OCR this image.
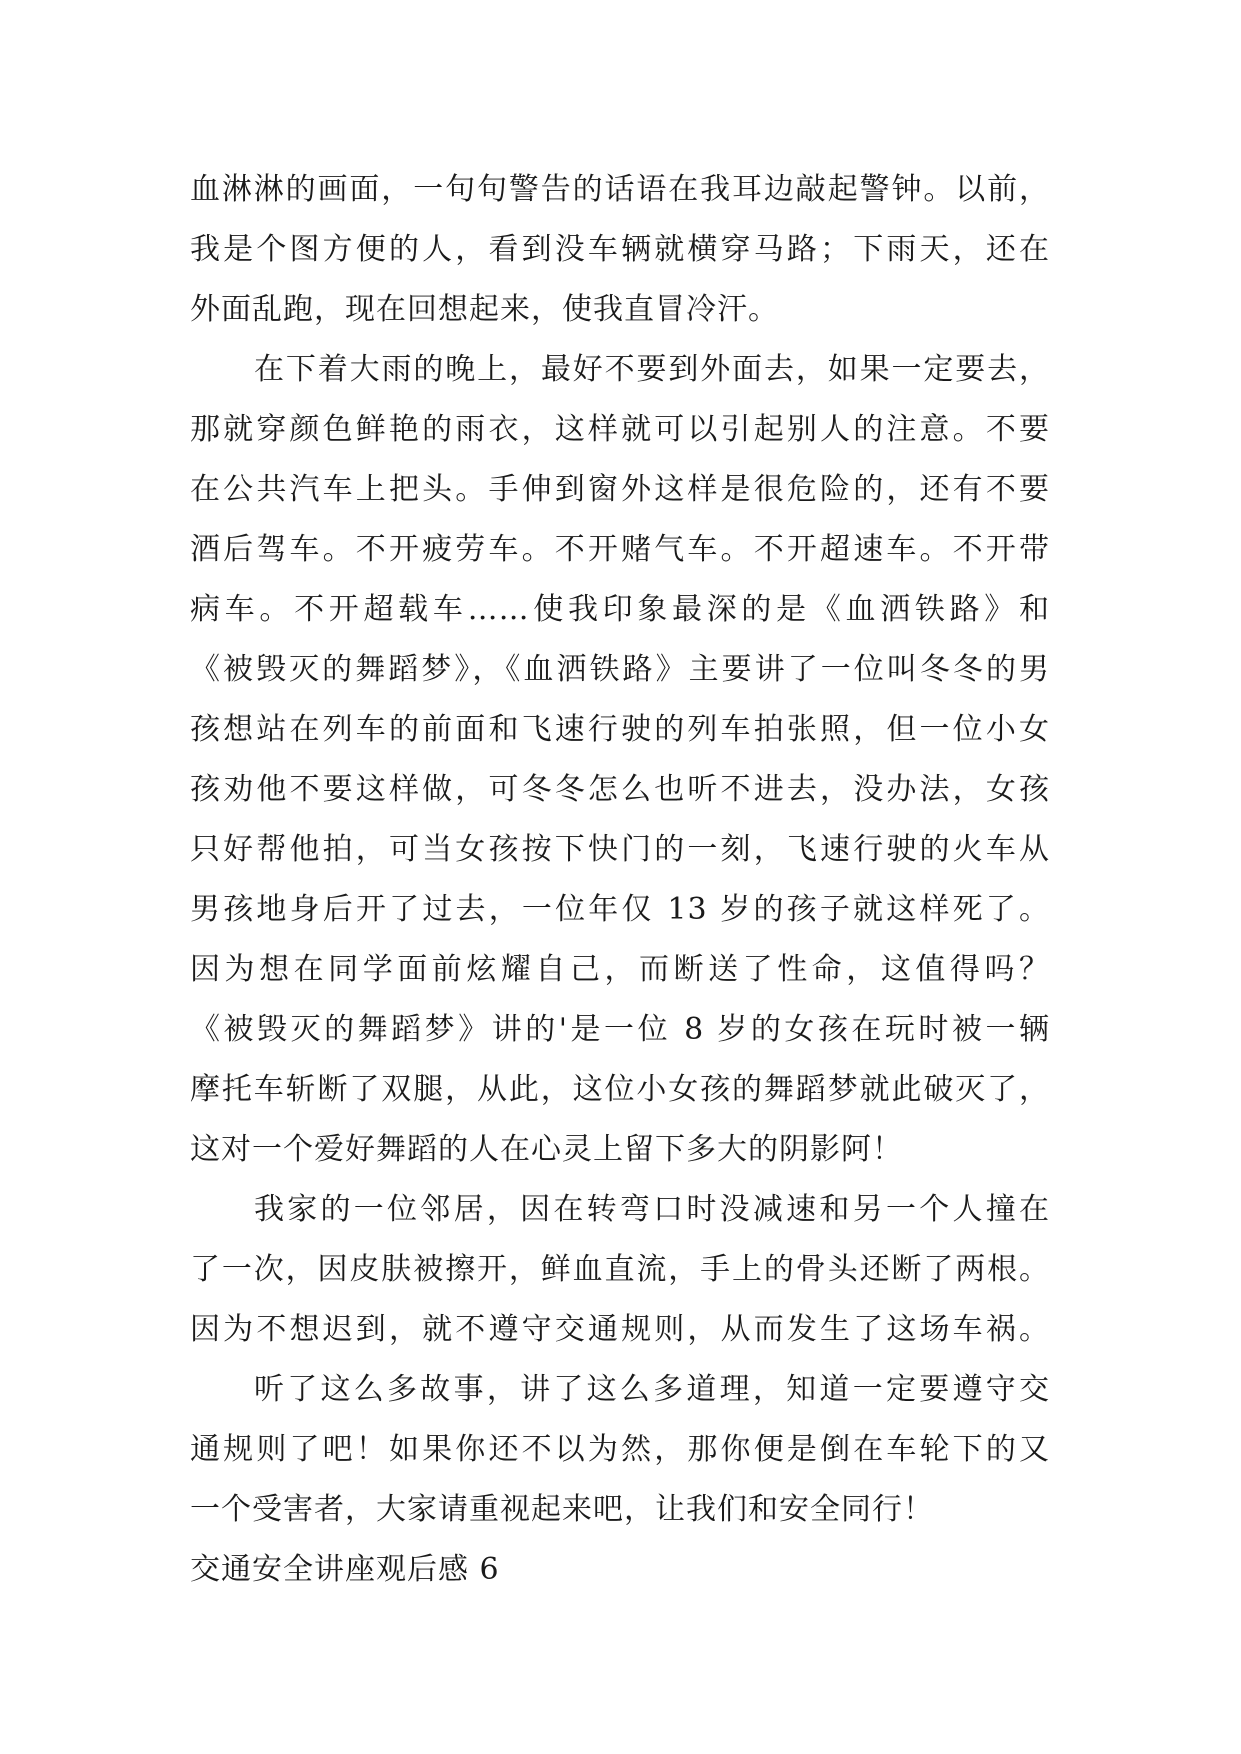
血淋淋的画面，一句句警告的话语在我耳边敲起警钟。以前，
我是个图方便的人，看到没车辆就横穿马路；下雨天，还在
外面乱跑，现在回想起来，使我直冒冷汗。
在下着大雨的晚上，最好不要到外面去，如果一定要去，
那就穿颜色鲜艳的雨衣，这样就可以引起别人的注意。不要
在公共汽车上把头。手伸到窗外这样是很危险的，还有不要
酒后驾车。不开疲劳车。不开赌气车。不开超速车。不开带
病车。不开超载车……使我印象最深的是《血洒铁路》和
《被毁灭的舞蹈梦》，《血洒铁路》主要讲了一位叫冬冬的男
孩想站在列车的前面和飞速行驶的列车拍张照，但一位小女
孩劝他不要这样做，可冬冬怎么也听不进去，没办法，女孩
只好帮他拍，可当女孩按下快门的一刻，飞速行驶的火车从
男孩地身后开了过去，一位年仅 13 岁的孩子就这样死了。
因为想在同学面前炫耀自己，而断送了性命，这值得吗？
《被毁灭的舞蹈梦》讲的'是一位 8 岁的女孩在玩时被一辆
摩托车斩断了双腿，从此，这位小女孩的舞蹈梦就此破灭了，
这对一个爱好舞蹈的人在心灵上留下多大的阴影阿！
我家的一位邻居，因在转弯口时没减速和另一个人撞在
了一次，因皮肤被擦开，鲜血直流，手上的骨头还断了两根。
因为不想迟到，就不遵守交通规则，从而发生了这场车祸。
听了这么多故事，讲了这么多道理，知道一定要遵守交
通规则了吧！如果你还不以为然，那你便是倒在车轮下的又
一个受害者，大家请重视起来吧，让我们和安全同行！
交通安全讲座观后感 6
